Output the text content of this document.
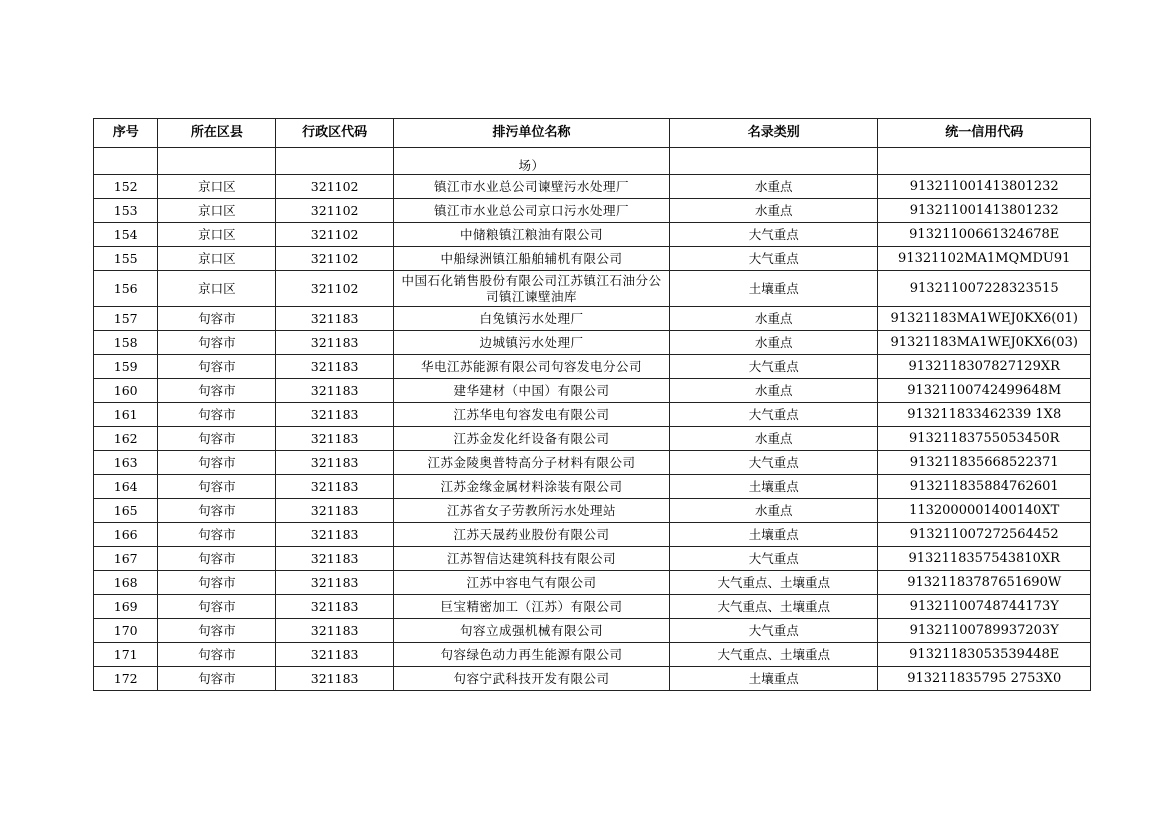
序号	所在区县	行政区代码	排污单位名称	名录类别	统一信用代码
			场）		
152	京口区	321102	镇江市水业总公司谏壁污水处理厂	水重点	913211001413801232
153	京口区	321102	镇江市水业总公司京口污水处理厂	水重点	913211001413801232
154	京口区	321102	中储粮镇江粮油有限公司	大气重点	91321100661324678E
155	京口区	321102	中船绿洲镇江船舶辅机有限公司	大气重点	91321102MA1MQMDU91
156	京口区	321102	中国石化销售股份有限公司江苏镇江石油分公司镇江谏壁油库	土壤重点	913211007228323515
157	句容市	321183	白兔镇污水处理厂	水重点	91321183MA1WEJ0KX6(01)
158	句容市	321183	边城镇污水处理厂	水重点	91321183MA1WEJ0KX6(03)
159	句容市	321183	华电江苏能源有限公司句容发电分公司	大气重点	9132118307827129XR
160	句容市	321183	建华建材（中国）有限公司	水重点	91321100742499648M
161	句容市	321183	江苏华电句容发电有限公司	大气重点	913211833462339 1X8
162	句容市	321183	江苏金发化纤设备有限公司	水重点	91321183755053450R
163	句容市	321183	江苏金陵奥普特高分子材料有限公司	大气重点	913211835668522371
164	句容市	321183	江苏金缘金属材料涂装有限公司	土壤重点	913211835884762601
165	句容市	321183	江苏省女子劳教所污水处理站	水重点	1132000001400140XT
166	句容市	321183	江苏天晟药业股份有限公司	土壤重点	913211007272564452
167	句容市	321183	江苏智信达建筑科技有限公司	大气重点	9132118357543810XR
168	句容市	321183	江苏中容电气有限公司	大气重点、土壤重点	91321183787651690W
169	句容市	321183	巨宝精密加工（江苏）有限公司	大气重点、土壤重点	91321100748744173Y
170	句容市	321183	句容立成强机械有限公司	大气重点	91321100789937203Y
171	句容市	321183	句容绿色动力再生能源有限公司	大气重点、土壤重点	91321183053539448E
172	句容市	321183	句容宁武科技开发有限公司	土壤重点	913211835795 2753X0
